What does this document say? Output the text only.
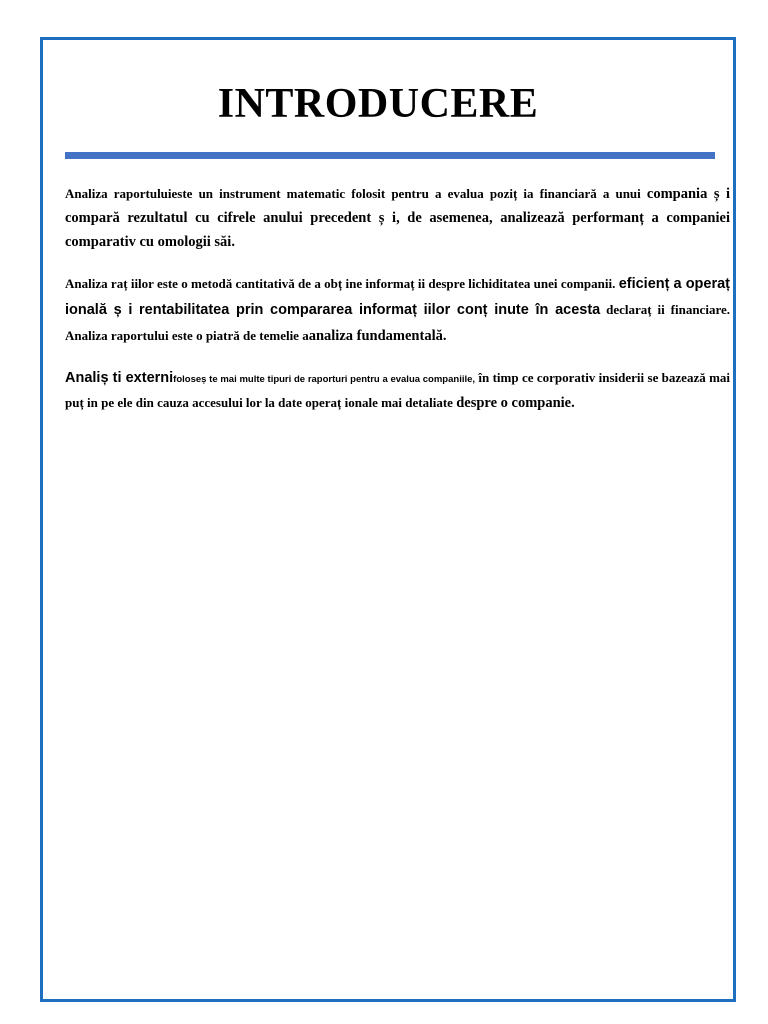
INTRODUCERE

Analiza raportuluieste un instrument matematic folosit pentru a evalua poziț ia financiară a unui compania ș i compară rezultatul cu cifrele anului precedent ș i, de asemenea, analizează performanț a companiei comparativ cu omologii săi.

Analiza raț iilor este o metodă cantitativă de a obț ine informaț ii despre lichiditatea unei companii. eficienț a operaț ională ș i rentabilitatea prin compararea informaț iilor conț inute în acesta declaraț ii financiare. Analiza raportului este o piatră de temelie aanaliza fundamentală.

Analiș ti externifoloseș te mai multe tipuri de raporturi pentru a evalua companiile, în timp ce corporativ insiderii se bazează mai puț in pe ele din cauza accesului lor la date operaț ionale mai detaliate despre o companie.
